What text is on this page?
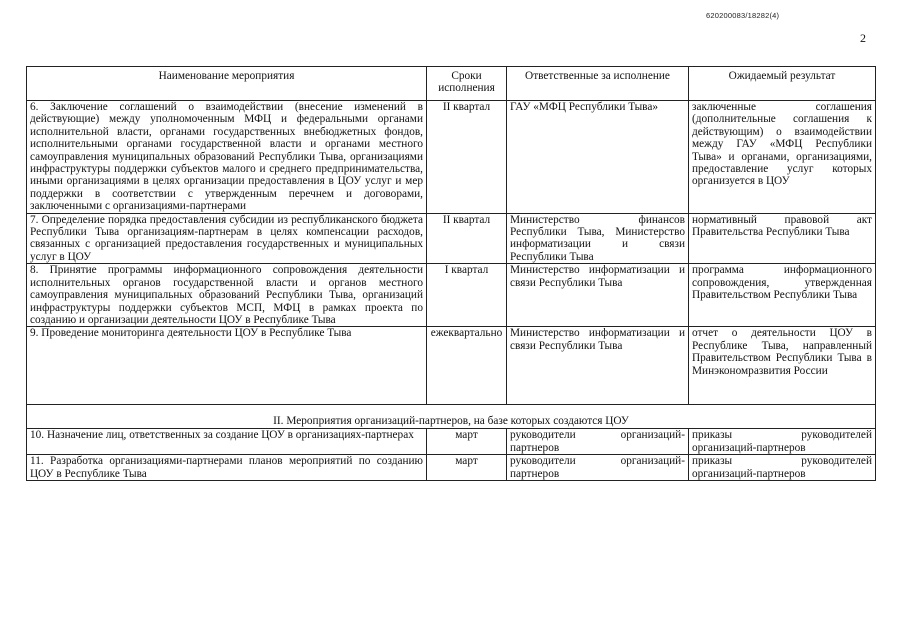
620200083/18282(4)
2
Наименование мероприятия	Сроки исполнения	Ответственные за исполнение	Ожидаемый результат
6. Заключение соглашений о взаимодействии (внесение изменений в действующие) между уполномоченным МФЦ и федеральными органами исполнительной власти, органами государственных внебюджетных фондов, исполнительными органами государственной власти и органами местного самоуправления муниципальных образований Республики Тыва, организациями инфраструктуры поддержки субъектов малого и среднего предпринимательства, иными организациями в целях организации предоставления в ЦОУ услуг и мер поддержки в соответствии с утвержденным перечнем и договорами, заключенными с организациями-партнерами	II квартал	ГАУ «МФЦ Республики Тыва»	заключенные соглашения (дополнительные соглашения к действующим) о взаимодействии между ГАУ «МФЦ Республики Тыва» и органами, организациями, предоставление услуг которых организуется в ЦОУ
7. Определение порядка предоставления субсидии из республиканского бюджета Республики Тыва организациям-партнерам в целях компенсации расходов, связанных с организацией предоставления государственных и муниципальных услуг в ЦОУ	II квартал	Министерство финансов Республики Тыва, Министерство информатизации и связи Республики Тыва	нормативный правовой акт Правительства Республики Тыва
8. Принятие программы информационного сопровождения деятельности исполнительных органов государственной власти и органов местного самоуправления муниципальных образований Республики Тыва, организаций инфраструктуры поддержки субъектов МСП, МФЦ в рамках проекта по созданию и организации деятельности ЦОУ в Республике Тыва	I квартал	Министерство информатизации и связи Республики Тыва	программа информационного сопровождения, утвержденная Правительством Республики Тыва
9. Проведение мониторинга деятельности ЦОУ в Республике Тыва	ежеквартально	Министерство информатизации и связи Республики Тыва	отчет о деятельности ЦОУ в Республике Тыва, направленный Правительством Республики Тыва в Минэкономразвития России
II. Мероприятия организаций-партнеров, на базе которых создаются ЦОУ			
10. Назначение лиц, ответственных за создание ЦОУ в организациях-партнерах	март	руководители организаций-партнеров	приказы руководителей организаций-партнеров
11. Разработка организациями-партнерами планов мероприятий по созданию ЦОУ в Республике Тыва	март	руководители организаций-партнеров	приказы руководителей организаций-партнеров
